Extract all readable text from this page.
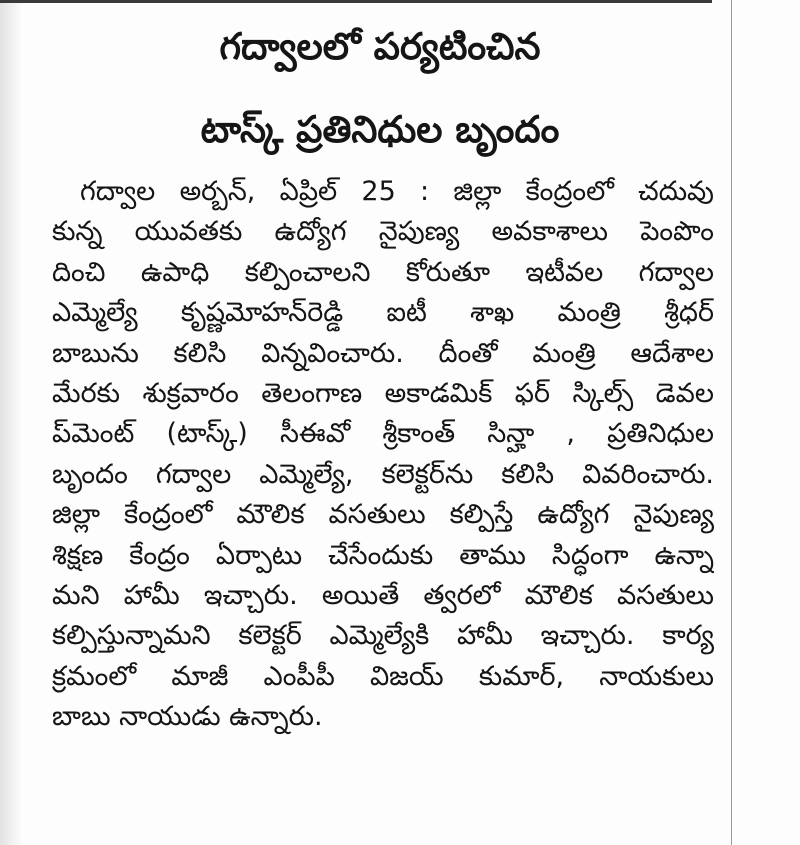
గద్వాలలో పర్యటించిన
టాస్క్ ప్రతినిధుల బృందం
గద్వాల అర్బన్, ఏప్రిల్ 25 : జిల్లా కేంద్రంలో చదువు
కున్న యువతకు ఉద్యోగ నైపుణ్య అవకాశాలు పెంపొం
దించి ఉపాధి కల్పించాలని కోరుతూ ఇటీవల గద్వాల
ఎమ్మెల్యే కృష్ణమోహన్‌రెడ్డి ఐటీ శాఖ మంత్రి శ్రీధర్
బాబును కలిసి విన్నవించారు. దీంతో మంత్రి ఆదేశాల
మేరకు శుక్రవారం తెలంగాణ అకాడమిక్ ఫర్ స్కిల్స్ డెవల
ప్‌మెంట్ (టాస్క్) సీఈవో శ్రీకాంత్ సిన్హా , ప్రతినిధుల
బృందం గద్వాల ఎమ్మెల్యే, కలెక్టర్‌ను కలిసి వివరించారు.
జిల్లా కేంద్రంలో మౌలిక వసతులు కల్పిస్తే ఉద్యోగ నైపుణ్య
శిక్షణ కేంద్రం ఏర్పాటు చేసేందుకు తాము సిద్ధంగా ఉన్నా
మని హామీ ఇచ్చారు. అయితే త్వరలో మౌలిక వసతులు
కల్పిస్తున్నామని కలెక్టర్ ఎమ్మెల్యేకి హామీ ఇచ్చారు. కార్య
క్రమంలో మాజీ ఎంపీపీ విజయ్ కుమార్, నాయకులు
బాబు నాయుడు ఉన్నారు.
